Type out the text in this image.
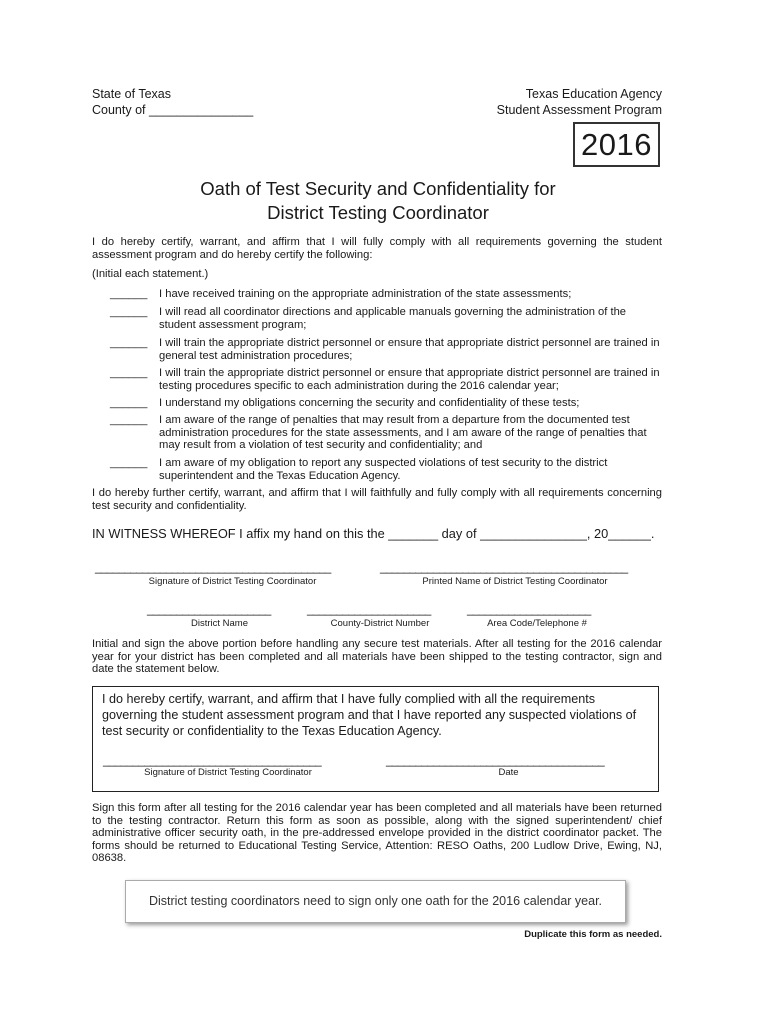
State of Texas
County of _______________
Texas Education Agency
Student Assessment Program
2016
Oath of Test Security and Confidentiality for
District Testing Coordinator
I do hereby certify, warrant, and affirm that I will fully comply with all requirements governing the student assessment program and do hereby certify the following:
(Initial each statement.)
______ I have received training on the appropriate administration of the state assessments;
______ I will read all coordinator directions and applicable manuals governing the administration of the student assessment program;
______ I will train the appropriate district personnel or ensure that appropriate district personnel are trained in general test administration procedures;
______ I will train the appropriate district personnel or ensure that appropriate district personnel are trained in testing procedures specific to each administration during the 2016 calendar year;
______ I understand my obligations concerning the security and confidentiality of these tests;
______ I am aware of the range of penalties that may result from a departure from the documented test administration procedures for the state assessments, and I am aware of the range of penalties that may result from a violation of test security and confidentiality; and
______ I am aware of my obligation to report any suspected violations of test security to the district superintendent and the Texas Education Agency.
I do hereby further certify, warrant, and affirm that I will faithfully and fully comply with all requirements concerning test security and confidentiality.
IN WITNESS WHEREOF I affix my hand on this the _______ day of _______________, 20______.
________________________________________	__________________________________________
Signature of District Testing Coordinator	Printed Name of District Testing Coordinator
_____________________	_____________________	_____________________
District Name	County-District Number	Area Code/Telephone #
Initial and sign the above portion before handling any secure test materials. After all testing for the 2016 calendar year for your district has been completed and all materials have been shipped to the testing contractor, sign and date the statement below.
I do hereby certify, warrant, and affirm that I have fully complied with all the requirements governing the student assessment program and that I have reported any suspected violations of test security or confidentiality to the Texas Education Agency.
_____________________________________	_____________________________________
Signature of District Testing Coordinator	Date
Sign this form after all testing for the 2016 calendar year has been completed and all materials have been returned to the testing contractor. Return this form as soon as possible, along with the signed superintendent/ chief administrative officer security oath, in the pre-addressed envelope provided in the district coordinator packet. The forms should be returned to Educational Testing Service, Attention: RESO Oaths, 200 Ludlow Drive, Ewing, NJ, 08638.
District testing coordinators need to sign only one oath for the 2016 calendar year.
Duplicate this form as needed.
